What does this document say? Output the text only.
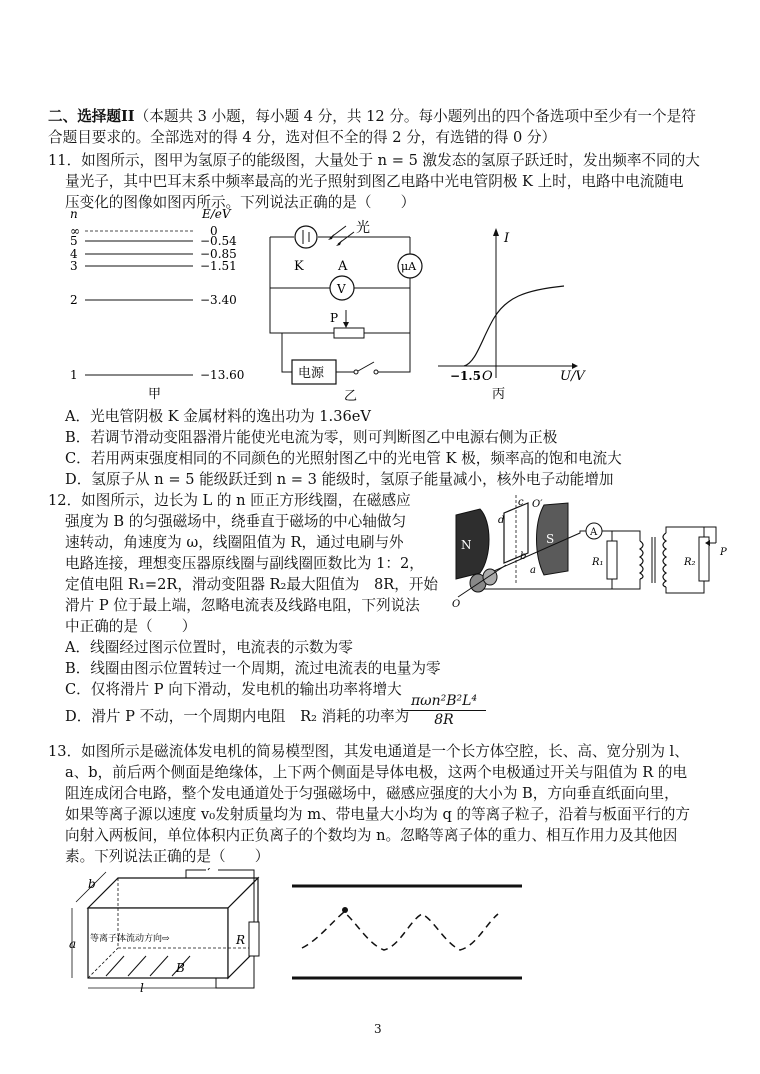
二、选择题II（本题共 3 小题，每小题 4 分，共 12 分。每小题列出的四个备选项中至少有一个是符
合题目要求的。全部选对的得 4 分，选对但不全的得 2 分，有选错的得 0 分）
11．如图所示，图甲为氢原子的能级图，大量处于 n = 5 激发态的氢原子跃迁时，发出频率不同的大
量光子，其中巴耳末系中频率最高的光子照射到图乙电路中光电管阴极 K 上时，电路中电流随电
压变化的图像如图丙所示。下列说法正确的是（　　）
n	E/eV
∞	0
5	−0.54
4	−0.85
3	−1.51
2	−3.40
1	−13.60
甲
光
K	A	μA
V
P
电源
乙
I
U/V
O
−1.5
丙
A．光电管阴极 K 金属材料的逸出功为 1.36eV
B．若调节滑动变阻器滑片能使光电流为零，则可判断图乙中电源右侧为正极
C．若用两束强度相同的不同颜色的光照射图乙中的光电管 K 极，频率高的饱和电流大
D．氢原子从 n = 5 能级跃迁到 n = 3 能级时，氢原子能量减小，核外电子动能增加
12．如图所示，边长为 L 的 n 匝正方形线圈，在磁感应
强度为 B 的匀强磁场中，绕垂直于磁场的中心轴做匀
速转动，角速度为 ω，线圈阻值为 R，通过电刷与外
电路连接，理想变压器原线圈与副线圈匝数比为 1：2，
定值电阻 R₁=2R，滑动变阻器 R₂最大阻值为　8R，开始
滑片 P 位于最上端，忽略电流表及线路电阻，下列说法
中正确的是（　　）
N	S
c
d
b
a
O′
O
A
R₁	R₂
P
A．线圈经过图示位置时，电流表的示数为零
B．线圈由图示位置转过一个周期，流过电流表的电量为零
C．仅将滑片 P 向下滑动，发电机的输出功率将增大
D．滑片 P 不动，一个周期内电阻　R₂ 消耗的功率为
πωn²B²L⁴
8R
13．如图所示是磁流体发电机的简易模型图，其发电通道是一个长方体空腔，长、高、宽分别为 l、
a、b，前后两个侧面是绝缘体，上下两个侧面是导体电极，这两个电极通过开关与阻值为 R 的电
阻连成闭合电路，整个发电通道处于匀强磁场中，磁感应强度的大小为 B，方向垂直纸面向里，
如果等离子源以速度 v₀发射质量均为 m、带电量大小均为 q 的等离子粒子，沿着与板面平行的方
向射入两板间，单位体积内正负离子的个数均为 n。忽略等离子体的重力、相互作用力及其他因
素。下列说法正确的是（　　）
a
b
l
等离子体流动方向⇨
B
R
3
